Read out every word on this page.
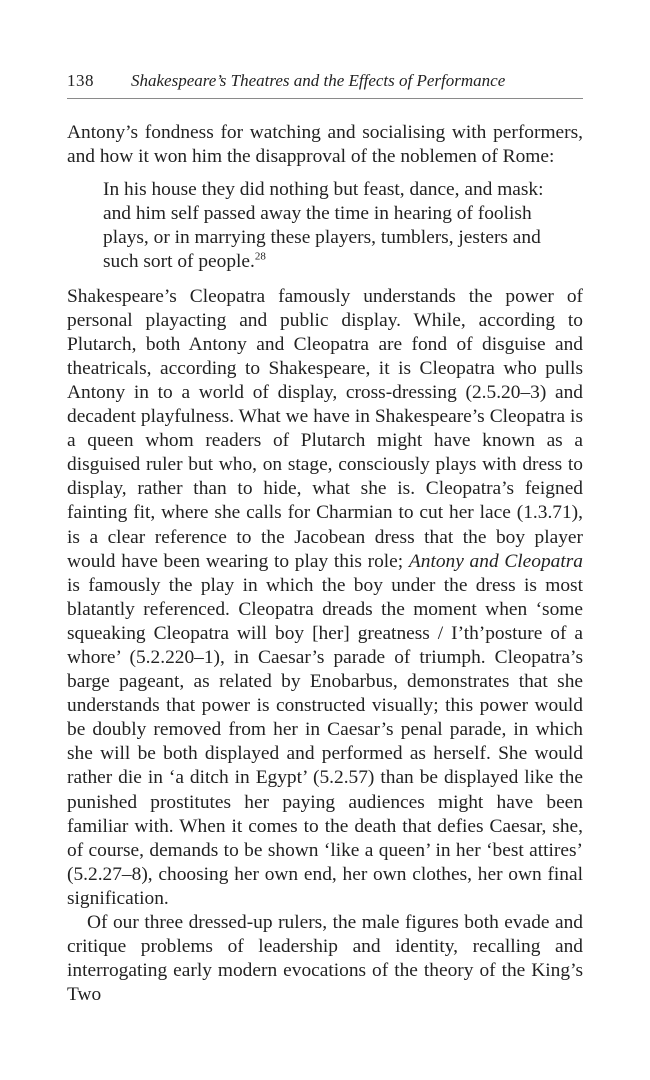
138 Shakespeare’s Theatres and the Effects of Performance

Antony’s fondness for watching and socialising with performers, and how it won him the disapproval of the noblemen of Rome:

In his house they did nothing but feast, dance, and mask:
and him self passed away the time in hearing of foolish
plays, or in marrying these players, tumblers, jesters and
such sort of people.$^{28}$

Shakespeare’s Cleopatra famously understands the power of personal playacting and public display. While, according to Plutarch, both Antony and Cleopatra are fond of disguise and theatricals, according to Shakespeare, it is Cleopatra who pulls Antony in to a world of display, cross-dressing (2.5.20–3) and decadent playfulness. What we have in Shakespeare’s Cleopatra is a queen whom readers of Plutarch might have known as a disguised ruler but who, on stage, consciously plays with dress to display, rather than to hide, what she is. Cleopatra’s feigned fainting fit, where she calls for Charmian to cut her lace (1.3.71), is a clear reference to the Jacobean dress that the boy player would have been wearing to play this role; Antony and Cleopatra is famously the play in which the boy under the dress is most blatantly referenced. Cleopatra dreads the moment when ‘some squeaking Cleopatra will boy [her] greatness / I’th’posture of a whore’ (5.2.220–1), in Caesar’s parade of triumph. Cleopatra’s barge pageant, as related by Enobarbus, demonstrates that she understands that power is constructed visually; this power would be doubly removed from her in Caesar’s penal parade, in which she will be both displayed and performed as herself. She would rather die in ‘a ditch in Egypt’ (5.2.57) than be displayed like the punished prostitutes her paying audiences might have been familiar with. When it comes to the death that defies Caesar, she, of course, demands to be shown ‘like a queen’ in her ‘best attires’ (5.2.27–8), choosing her own end, her own clothes, her own final signification.

Of our three dressed-up rulers, the male figures both evade and critique problems of leadership and identity, recalling and interrogating early modern evocations of the theory of the King’s Two
